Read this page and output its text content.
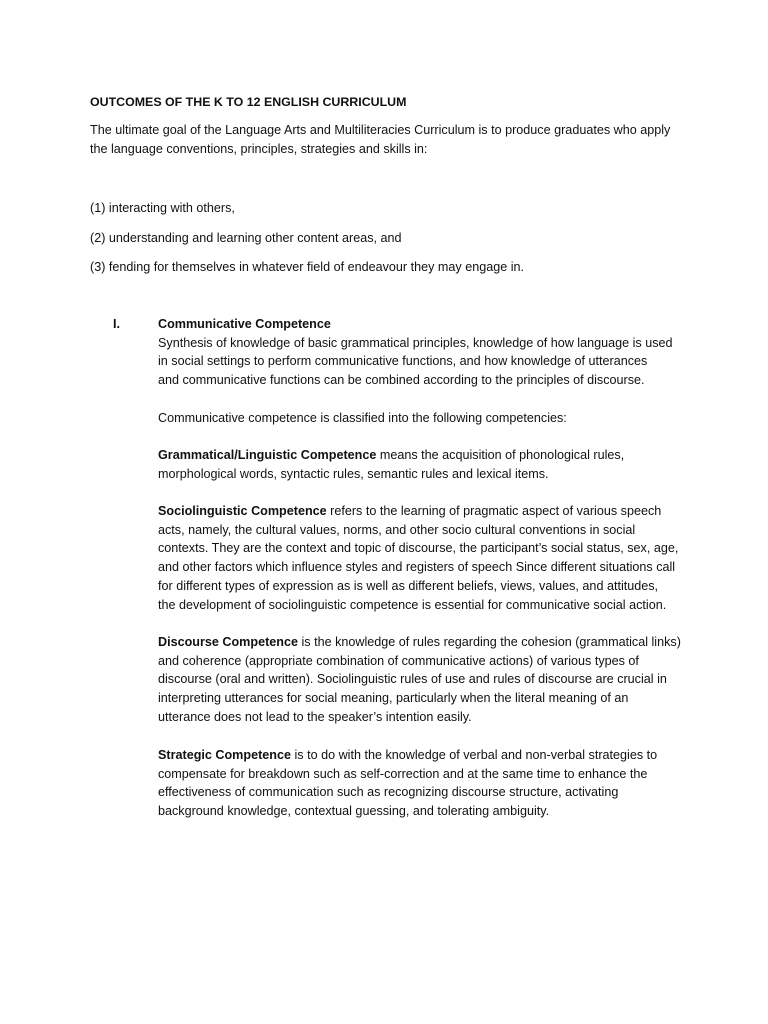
OUTCOMES OF THE K TO 12 ENGLISH CURRICULUM
The ultimate goal of the Language Arts and Multiliteracies Curriculum is to produce graduates who apply
the language conventions, principles, strategies and skills in:
(1) interacting with others,
(2) understanding and learning other content areas, and
(3) fending for themselves in whatever field of endeavour they may engage in.
I.	Communicative Competence
Synthesis of knowledge of basic grammatical principles, knowledge of how language is used
in social settings to perform communicative functions, and how knowledge of utterances
and communicative functions can be combined according to the principles of discourse.
Communicative competence is classified into the following competencies:
Grammatical/Linguistic Competence means the acquisition of phonological rules,
morphological words, syntactic rules, semantic rules and lexical items.
Sociolinguistic Competence refers to the learning of pragmatic aspect of various speech
acts, namely, the cultural values, norms, and other socio cultural conventions in social
contexts. They are the context and topic of discourse, the participant’s social status, sex, age,
and other factors which influence styles and registers of speech Since different situations call
for different types of expression as is well as different beliefs, views, values, and attitudes,
the development of sociolinguistic competence is essential for communicative social action.
Discourse Competence is the knowledge of rules regarding the cohesion (grammatical links)
and coherence (appropriate combination of communicative actions) of various types of
discourse (oral and written). Sociolinguistic rules of use and rules of discourse are crucial in
interpreting utterances for social meaning, particularly when the literal meaning of an
utterance does not lead to the speaker’s intention easily.
Strategic Competence is to do with the knowledge of verbal and non-verbal strategies to
compensate for breakdown such as self-correction and at the same time to enhance the
effectiveness of communication such as recognizing discourse structure, activating
background knowledge, contextual guessing, and tolerating ambiguity.
